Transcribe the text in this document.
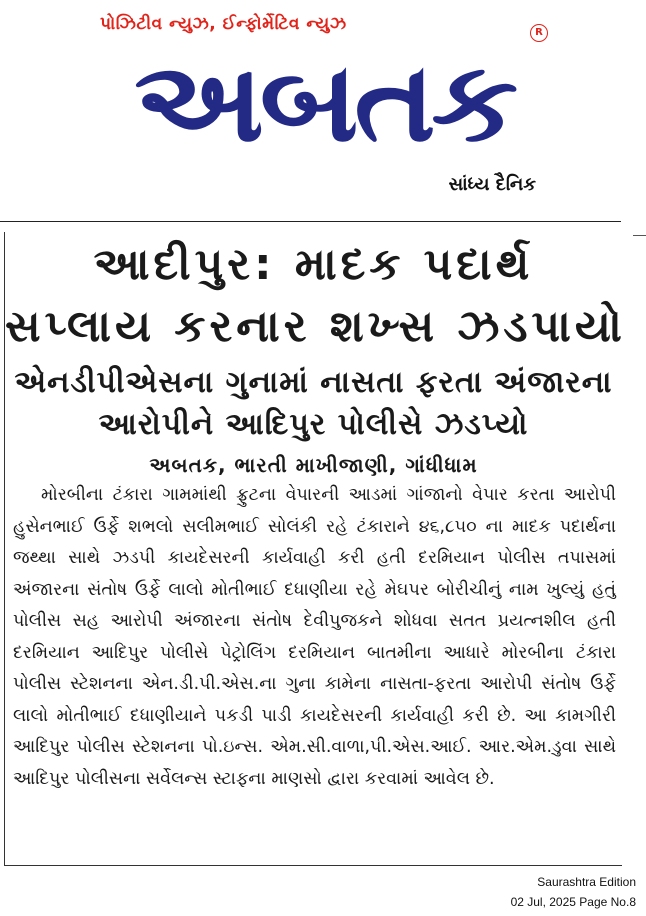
પોઝિટીવ ન્યુઝ, ઈન્ફોર્મેટિવ ન્યુઝ	R
અબતક
સાંધ્ય દૈનિક
આદીપુર: માદક પદાર્થ
સપ્લાય કરનાર શખ્સ ઝડપાયો
એનડીપીએસના ગુનામાં નાસતા ફરતા અંજારના
આરોપીને આદિપુર પોલીસે ઝડપ્યો
અબતક, ભારતી માખીજાણી, ગાંધીધામ

મોરબીના ટંકારા ગામમાંથી ફ્રુટના વેપારની આડમાં ગાંજાનો વેપાર કરતા આરોપી હુસેનભાઈ ઉર્ફે શભલો સલીમભાઈ સોલંકી રહે ટંકારાને ૪૬,૮૫૦ ના માદક પદાર્થના જથ્થા સાથે ઝડપી કાયદેસરની કાર્યવાહી કરી હતી દરમિયાન પોલીસ તપાસમાં અંજારના સંતોષ ઉર્ફે લાલો મોતીભાઈ દધાણીયા રહે મેઘપર બોરીચીનું નામ ખુલ્યું હતું પોલીસ સહ આરોપી અંજારના સંતોષ દેવીપુજકને શોધવા સતત પ્રયત્નશીલ હતી દરમિયાન આદિપુર પોલીસે પેટ્રોલિંગ દરમિયાન બાતમીના આધારે મોરબીના ટંકારા પોલીસ સ્ટેશનના એન.ડી.પી.એસ.ના ગુના કામેના નાસતા-ફરતા આરોપી સંતોષ ઉર્ફે લાલો મોતીભાઈ દધાણીયાને પકડી પાડી કાયદેસરની કાર્યવાહી કરી છે. આ કામગીરી આદિપુર પોલીસ સ્ટેશનના પો.ઇન્સ. એમ.સી.વાળા,પી.એસ.આઈ. આર.એમ.ડુવા સાથે આદિપુર પોલીસના સર્વેલન્સ સ્ટાફના માણસો દ્વારા કરવામાં આવેલ છે.

Saurashtra Edition
02 Jul, 2025 Page No.8
